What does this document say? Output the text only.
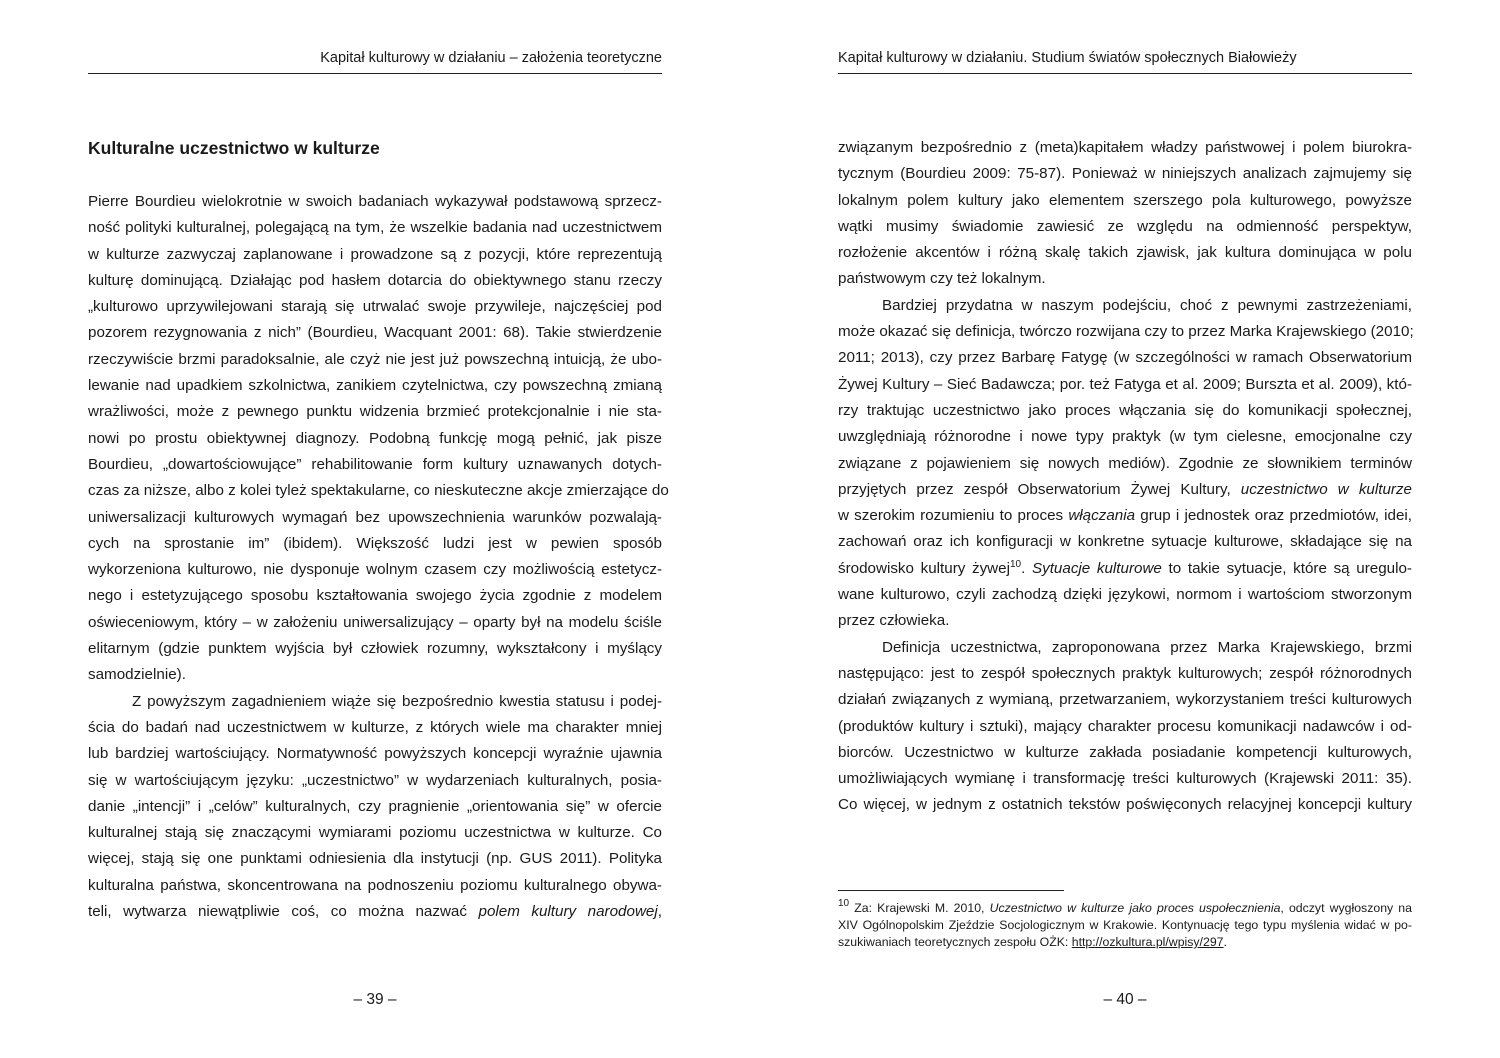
Kapitał kulturowy w działaniu – założenia teoretyczne
Kulturalne uczestnictwo w kulturze
Pierre Bourdieu wielokrotnie w swoich badaniach wykazywał podstawową sprzecz-
ność polityki kulturalnej, polegającą na tym, że wszelkie badania nad uczestnictwem
w kulturze zazwyczaj zaplanowane i prowadzone są z pozycji, które reprezentują
kulturę dominującą. Działając pod hasłem dotarcia do obiektywnego stanu rzeczy
„kulturowo uprzywilejowani starają się utrwalać swoje przywileje, najczęściej pod
pozorem rezygnowania z nich” (Bourdieu, Wacquant 2001: 68). Takie stwierdzenie
rzeczywiście brzmi paradoksalnie, ale czyż nie jest już powszechną intuicją, że ubo-
lewanie nad upadkiem szkolnictwa, zanikiem czytelnictwa, czy powszechną zmianą
wrażliwości, może z pewnego punktu widzenia brzmieć protekcjonalnie i nie sta-
nowi po prostu obiektywnej diagnozy. Podobną funkcję mogą pełnić, jak pisze
Bourdieu, „dowartościowujące” rehabilitowanie form kultury uznawanych dotych-
czas za niższe, albo z kolei tyleż spektakularne, co nieskuteczne akcje zmierzające do
uniwersalizacji kulturowych wymagań bez upowszechnienia warunków pozwalają-
cych na sprostanie im” (ibidem). Większość ludzi jest w pewien sposób
wykorzeniona kulturowo, nie dysponuje wolnym czasem czy możliwością estetycz-
nego i estetyzującego sposobu kształtowania swojego życia zgodnie z modelem
oświeceniowym, który – w założeniu uniwersalizujący – oparty był na modelu ściśle
elitarnym (gdzie punktem wyjścia był człowiek rozumny, wykształcony i myślący
samodzielnie).
Z powyższym zagadnieniem wiąże się bezpośrednio kwestia statusu i podej-
ścia do badań nad uczestnictwem w kulturze, z których wiele ma charakter mniej
lub bardziej wartościujący. Normatywność powyższych koncepcji wyraźnie ujawnia
się w wartościującym języku: „uczestnictwo” w wydarzeniach kulturalnych, posia-
danie „intencji” i „celów” kulturalnych, czy pragnienie „orientowania się” w ofercie
kulturalnej stają się znaczącymi wymiarami poziomu uczestnictwa w kulturze. Co
więcej, stają się one punktami odniesienia dla instytucji (np. GUS 2011). Polityka
kulturalna państwa, skoncentrowana na podnoszeniu poziomu kulturalnego obywa-
teli, wytwarza niewątpliwie coś, co można nazwać polem kultury narodowej,
– 39 –
Kapitał kulturowy w działaniu. Studium światów społecznych Białowieży
związanym bezpośrednio z (meta)kapitałem władzy państwowej i polem biurokra-
tycznym (Bourdieu 2009: 75-87). Ponieważ w niniejszych analizach zajmujemy się
lokalnym polem kultury jako elementem szerszego pola kulturowego, powyższe
wątki musimy świadomie zawiesić ze względu na odmienność perspektyw,
rozłożenie akcentów i różną skalę takich zjawisk, jak kultura dominująca w polu
państwowym czy też lokalnym.
Bardziej przydatna w naszym podejściu, choć z pewnymi zastrzeżeniami,
może okazać się definicja, twórczo rozwijana czy to przez Marka Krajewskiego (2010;
2011; 2013), czy przez Barbarę Fatygę (w szczególności w ramach Obserwatorium
Żywej Kultury – Sieć Badawcza; por. też Fatyga et al. 2009; Burszta et al. 2009), któ-
rzy traktując uczestnictwo jako proces włączania się do komunikacji społecznej,
uwzględniają różnorodne i nowe typy praktyk (w tym cielesne, emocjonalne czy
związane z pojawieniem się nowych mediów). Zgodnie ze słownikiem terminów
przyjętych przez zespół Obserwatorium Żywej Kultury, uczestnictwo w kulturze
w szerokim rozumieniu to proces włączania grup i jednostek oraz przedmiotów, idei,
zachowań oraz ich konfiguracji w konkretne sytuacje kulturowe, składające się na
środowisko kultury żywej$^{10}$. Sytuacje kulturowe to takie sytuacje, które są uregulo-
wane kulturowo, czyli zachodzą dzięki językowi, normom i wartościom stworzonym
przez człowieka.
Definicja uczestnictwa, zaproponowana przez Marka Krajewskiego, brzmi
następująco: jest to zespół społecznych praktyk kulturowych; zespół różnorodnych
działań związanych z wymianą, przetwarzaniem, wykorzystaniem treści kulturowych
(produktów kultury i sztuki), mający charakter procesu komunikacji nadawców i od-
biorców. Uczestnictwo w kulturze zakłada posiadanie kompetencji kulturowych,
umożliwiających wymianę i transformację treści kulturowych (Krajewski 2011: 35).
Co więcej, w jednym z ostatnich tekstów poświęconych relacyjnej koncepcji kultury
$^{10}$ Za: Krajewski M. 2010, Uczestnictwo w kulturze jako proces uspołecznienia, odczyt wygłoszony na
XIV Ogólnopolskim Zjeździe Socjologicznym w Krakowie. Kontynuację tego typu myślenia widać w po-
szukiwaniach teoretycznych zespołu OŻK: http://ozkultura.pl/wpisy/297.
– 40 –
